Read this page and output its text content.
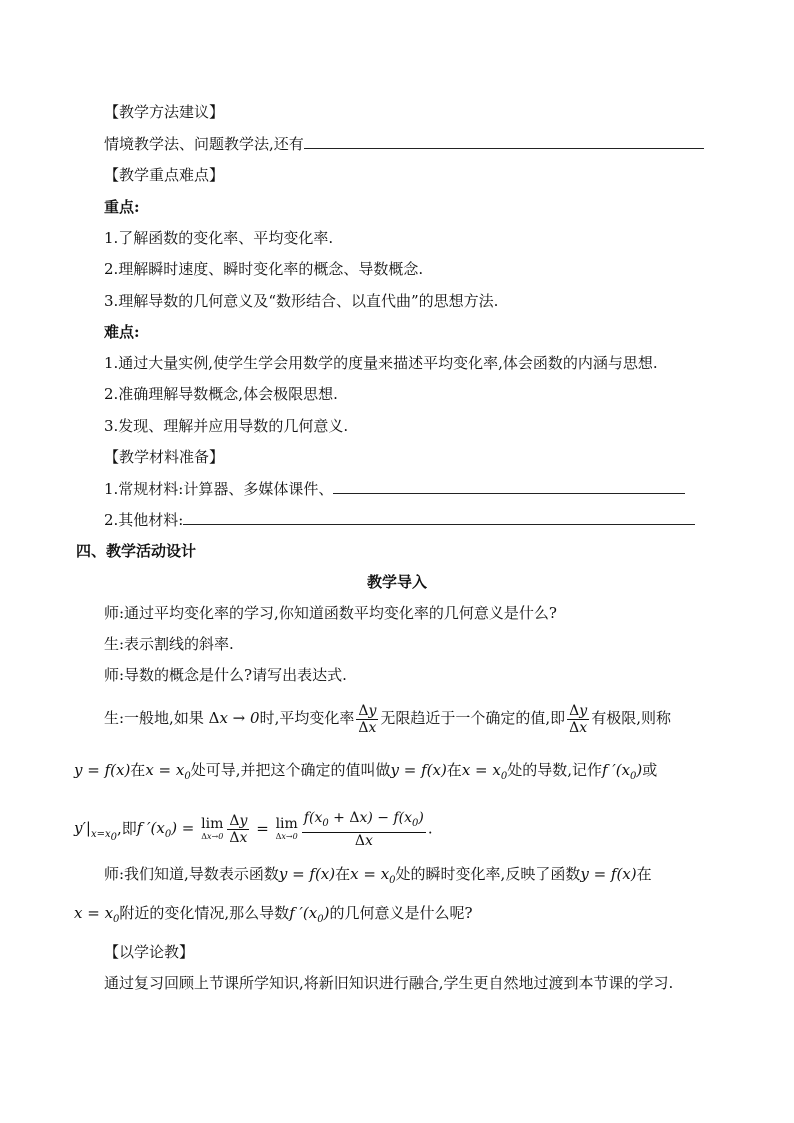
【教学方法建议】
情境教学法、问题教学法,还有
【教学重点难点】
重点:
1.了解函数的变化率、平均变化率.
2.理解瞬时速度、瞬时变化率的概念、导数概念.
3.理解导数的几何意义及“数形结合、以直代曲”的思想方法.
难点:
1.通过大量实例,使学生学会用数学的度量来描述平均变化率,体会函数的内涵与思想.
2.准确理解导数概念,体会极限思想.
3.发现、理解并应用导数的几何意义.
【教学材料准备】
1.常规材料:计算器、多媒体课件、
2.其他材料:
四、教学活动设计
教学导入
师:通过平均变化率的学习,你知道函数平均变化率的几何意义是什么?
生:表示割线的斜率.
师:导数的概念是什么?请写出表达式.
生:一般地,如果 Δx → 0时,平均变化率 $\frac{\Delta y}{\Delta x}$ 无限趋近于一个确定的值,即 $\frac{\Delta y}{\Delta x}$ 有极限,则称
y = f(x)在$x = x_0$处可导,并把这个确定的值叫做y = f(x)在$x = x_0$处的导数,记作f $'(x_0)$或
$y'|_{x=x_0}$,即f $'(x_0) = \lim$
$\Delta x\to 0 \frac{\Delta y}{\Delta x} = \lim$
$\Delta x\to 0 \frac{f(x_0 + \Delta x) - f(x_0)}{\Delta x}$ .
师:我们知道,导数表示函数y = f(x)在$x = x_0$处的瞬时变化率,反映了函数y = f(x)在
$x = x_0$附近的变化情况,那么导数f $'(x_0)$的几何意义是什么呢?
【以学论教】
通过复习回顾上节课所学知识,将新旧知识进行融合,学生更自然地过渡到本节课的学习.
